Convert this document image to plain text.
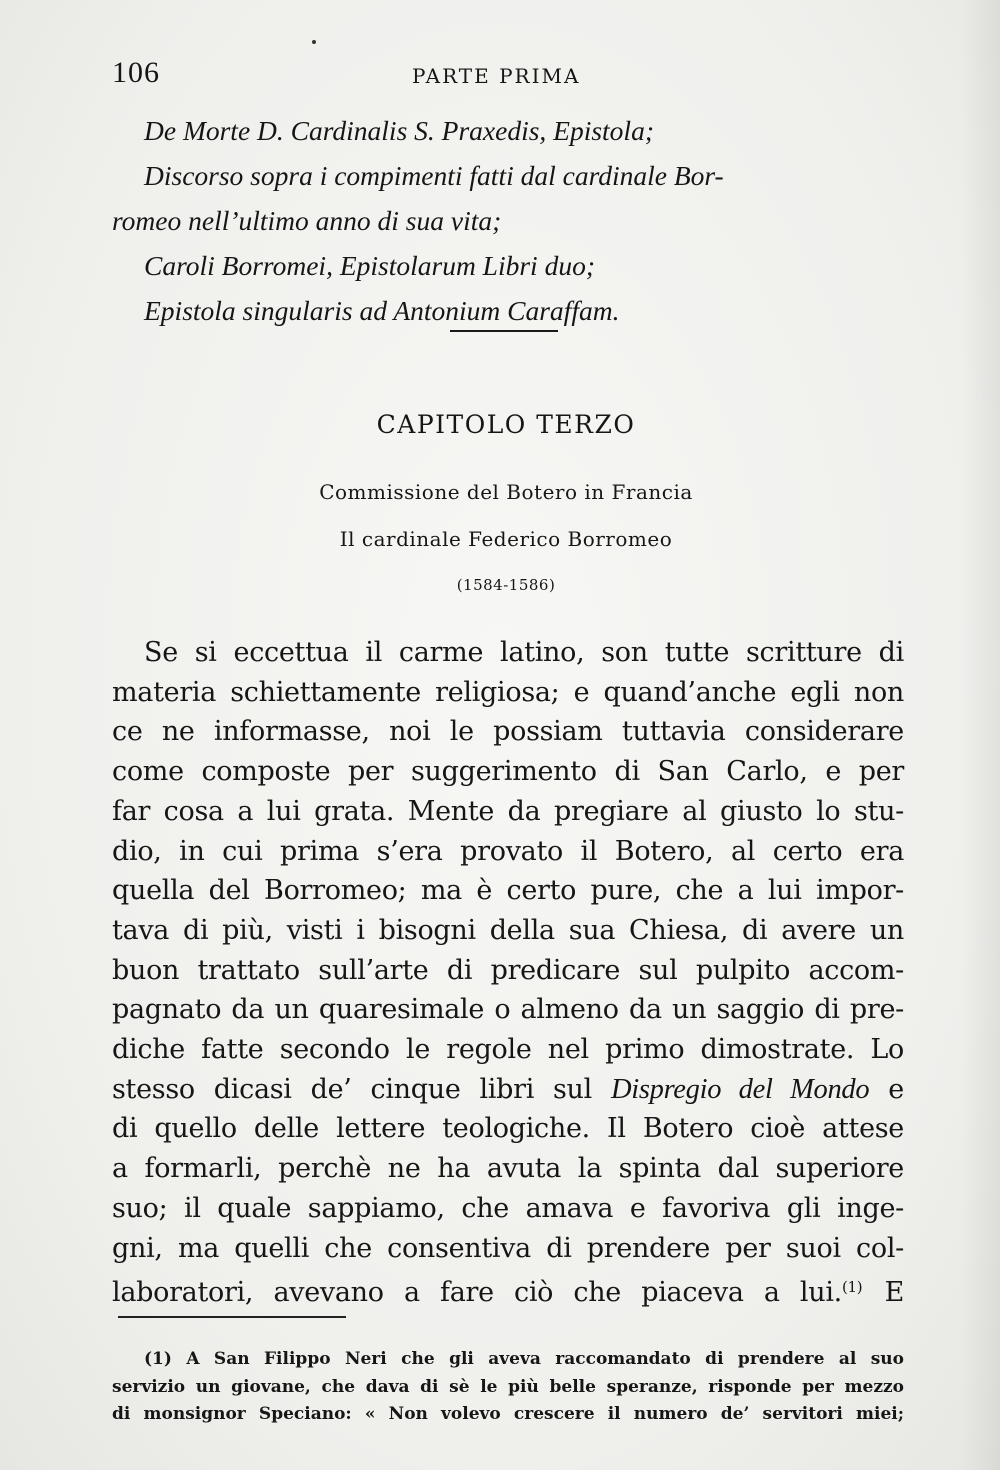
106	PARTE PRIMA

De Morte D. Cardinalis S. Praxedis, Epistola;

Discorso sopra i compimenti fatti dal cardinale Bor-

romeo nell’ultimo anno di sua vita;

Caroli Borromei, Epistolarum Libri duo;

Epistola singularis ad Antonium Caraffam.

CAPITOLO TERZO
Commissione del Botero in Francia
Il cardinale Federico Borromeo
(1584-1586)
Se si eccettua il carme latino, son tutte scritture di
materia schiettamente religiosa; e quand’anche egli non
ce ne informasse, noi le possiam tuttavia considerare
come composte per suggerimento di San Carlo, e per
far cosa a lui grata. Mente da pregiare al giusto lo stu-
dio, in cui prima s’era provato il Botero, al certo era
quella del Borromeo; ma è certo pure, che a lui impor-
tava di più, visti i bisogni della sua Chiesa, di avere un
buon trattato sull’arte di predicare sul pulpito accom-
pagnato da un quaresimale o almeno da un saggio di pre-
diche fatte secondo le regole nel primo dimostrate. Lo
stesso dicasi de’ cinque libri sul Dispregio del Mondo e
di quello delle lettere teologiche. Il Botero cioè attese
a formarli, perchè ne ha avuta la spinta dal superiore
suo; il quale sappiamo, che amava e favoriva gli inge-
gni, ma quelli che consentiva di prendere per suoi col-
laboratori, avevano a fare ciò che piaceva a lui.$^{(1)}$ E
(1) A San Filippo Neri che gli aveva raccomandato di prendere al suo
servizio un giovane, che dava di sè le più belle speranze, risponde per mezzo
di monsignor Speciano: « Non volevo crescere il numero de’ servitori miei;
